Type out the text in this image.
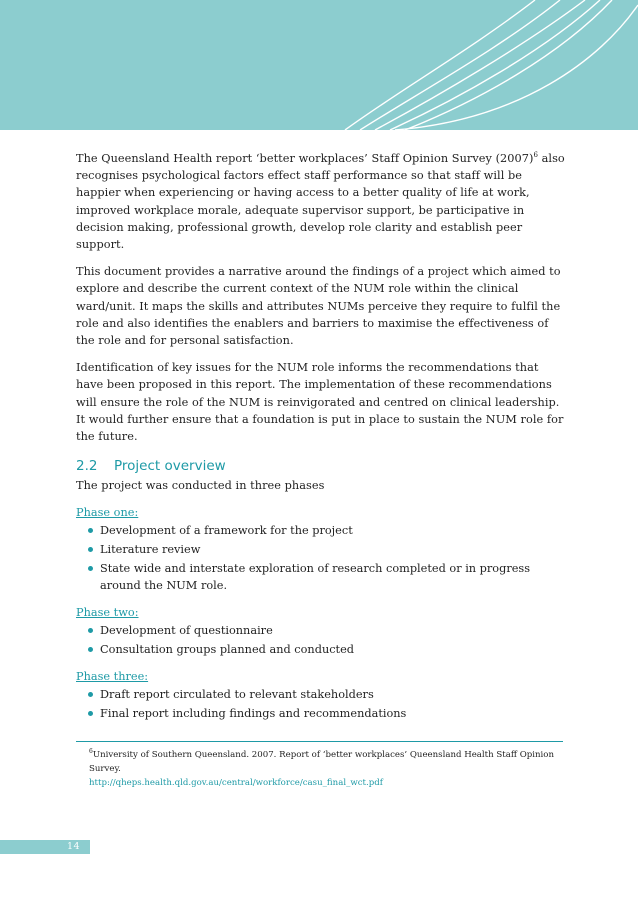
The Queensland Health report ‘better workplaces’ Staff Opinion Survey $(2007)^6$ also recognises psychological factors effect staff performance so that staff will be happier when experiencing or having access to a better quality of life at work, improved workplace morale, adequate supervisor support, be participative in decision making, professional growth, develop role clarity and establish peer support.

This document provides a narrative around the findings of a project which aimed to explore and describe the current context of the NUM role within the clinical ward/unit. It maps the skills and attributes NUMs perceive they require to fulfil the role and also identifies the enablers and barriers to maximise the effectiveness of the role and for personal satisfaction.

Identification of key issues for the NUM role informs the recommendations that have been proposed in this report. The implementation of these recommendations will ensure the role of the NUM is reinvigorated and centred on clinical leadership. It would further ensure that a foundation is put in place to sustain the NUM role for the future.

2.2 Project overview

The project was conducted in three phases

Phase one:
Development of a framework for the project
Literature review
State wide and interstate exploration of research completed or in progress around the NUM role.
Phase two:
Development of questionnaire
Consultation groups planned and conducted
Phase three:
Draft report circulated to relevant stakeholders
Final report including findings and recommendations
$^6$University of Southern Queensland. 2007. Report of ‘better workplaces’ Queensland Health Staff Opinion Survey.
http://qheps.health.qld.gov.au/central/workforce/casu_final_wct.pdf
14
